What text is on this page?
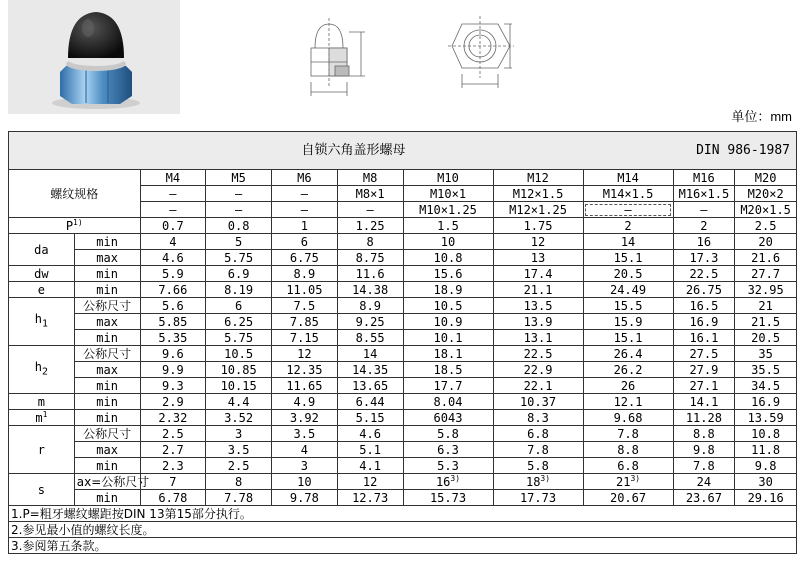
单位：mm
自锁六角盖形螺母 DIN 986-1987										

螺纹规格		M4	M5	M6	M8	M10	M12	M14	M16	M20
		—	—	—	M8×1	M10×1	M12×1.5	M14×1.5	M16×1.5	M20×2
		—	—	—	—	M10×1.25	M12×1.25	—	—	M20×1.5
$P^{1)}$		0.7	0.8	1	1.25	1.5	1.75	2	2	2.5
da	min	4	5	6	8	10	12	14	16	20
	max	4.6	5.75	6.75	8.75	10.8	13	15.1	17.3	21.6
dw	min	5.9	6.9	8.9	11.6	15.6	17.4	20.5	22.5	27.7
e	min	7.66	8.19	11.05	14.38	18.9	21.1	24.49	26.75	32.95
$h_1$	公称尺寸	5.6	6	7.5	8.9	10.5	13.5	15.5	16.5	21
	max	5.85	6.25	7.85	9.25	10.9	13.9	15.9	16.9	21.5
	min	5.35	5.75	7.15	8.55	10.1	13.1	15.1	16.1	20.5
$h_2$	公称尺寸	9.6	10.5	12	14	18.1	22.5	26.4	27.5	35
	max	9.9	10.85	12.35	14.35	18.5	22.9	26.2	27.9	35.5
	min	9.3	10.15	11.65	13.65	17.7	22.1	26	27.1	34.5
m	min	2.9	4.4	4.9	6.44	8.04	10.37	12.1	14.1	16.9
$m^1$	min	2.32	3.52	3.92	5.15	6043	8.3	9.68	11.28	13.59
r	公称尺寸	2.5	3	3.5	4.6	5.8	6.8	7.8	8.8	10.8
	max	2.7	3.5	4	5.1	6.3	7.8	8.8	9.8	11.8
	min	2.3	2.5	3	4.1	5.3	5.8	6.8	7.8	9.8
s	ax=公称尺寸	7	8	10	12	16$^{3)}$	18$^{3)}$	21$^{3)}$	24	30
	min	6.78	7.78	9.78	12.73	15.73	17.73	20.67	23.67	29.16
1.P=粗牙螺纹螺距按DIN 13第15部分执行。										
2.参见最小值的螺纹长度。										
3.参阅第五条款。										
